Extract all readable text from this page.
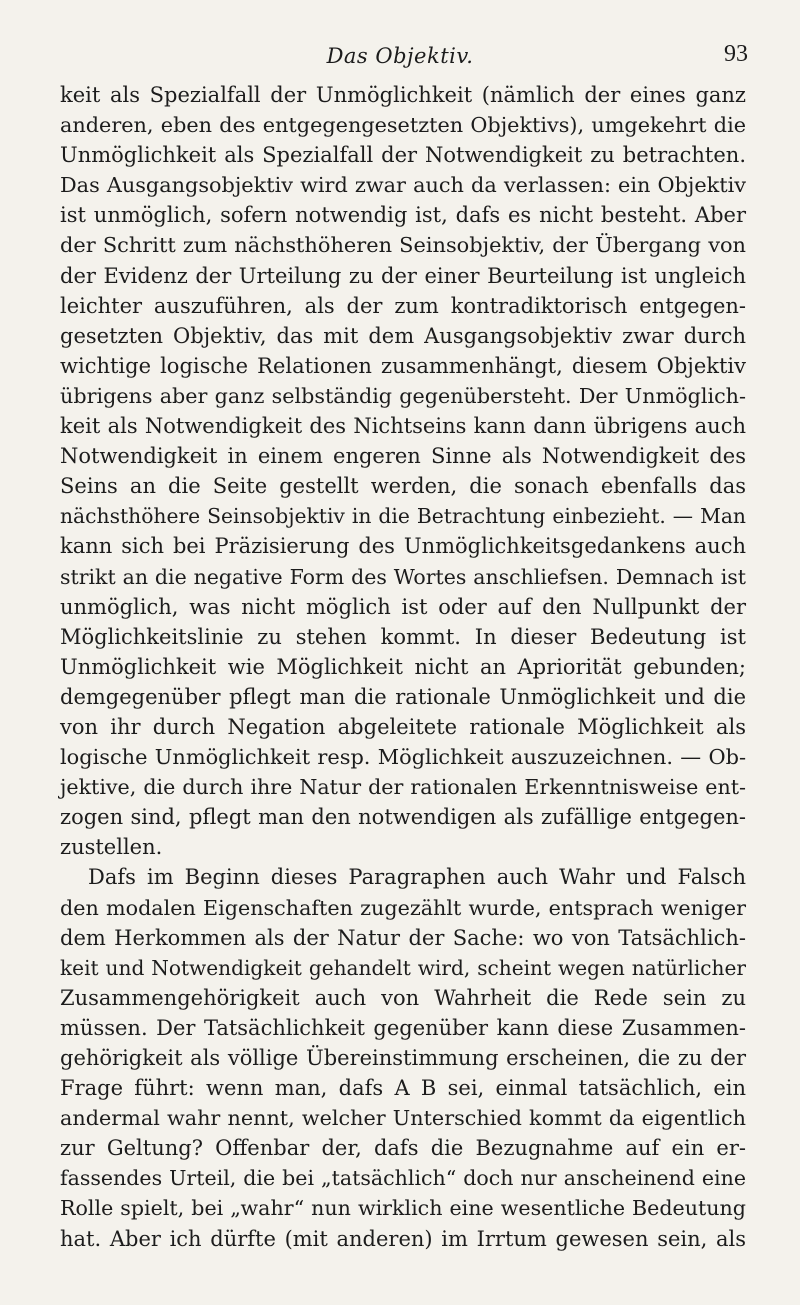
Das Objektiv.	93
keit als Spezialfall der Unmöglichkeit (nämlich der eines ganz
anderen, eben des entgegengesetzten Objektivs), umgekehrt die
Unmöglichkeit als Spezialfall der Notwendigkeit zu betrachten.
Das Ausgangsobjektiv wird zwar auch da verlassen: ein Objektiv
ist unmöglich, sofern notwendig ist, dafs es nicht besteht. Aber
der Schritt zum nächsthöheren Seinsobjektiv, der Übergang von
der Evidenz der Urteilung zu der einer Beurteilung ist ungleich
leichter auszuführen, als der zum kontradiktorisch entgegen-
gesetzten Objektiv, das mit dem Ausgangsobjektiv zwar durch
wichtige logische Relationen zusammenhängt, diesem Objektiv
übrigens aber ganz selbständig gegenübersteht. Der Unmöglich-
keit als Notwendigkeit des Nichtseins kann dann übrigens auch
Notwendigkeit in einem engeren Sinne als Notwendigkeit des
Seins an die Seite gestellt werden, die sonach ebenfalls das
nächsthöhere Seinsobjektiv in die Betrachtung einbezieht. — Man
kann sich bei Präzisierung des Unmöglichkeitsgedankens auch
strikt an die negative Form des Wortes anschliefsen. Demnach ist
unmöglich, was nicht möglich ist oder auf den Nullpunkt der
Möglichkeitslinie zu stehen kommt. In dieser Bedeutung ist
Unmöglichkeit wie Möglichkeit nicht an Apriorität gebunden;
demgegenüber pflegt man die rationale Unmöglichkeit und die
von ihr durch Negation abgeleitete rationale Möglichkeit als
logische Unmöglichkeit resp. Möglichkeit auszuzeichnen. — Ob-
jektive, die durch ihre Natur der rationalen Erkenntnisweise ent-
zogen sind, pflegt man den notwendigen als zufällige entgegen-
zustellen.
Dafs im Beginn dieses Paragraphen auch Wahr und Falsch
den modalen Eigenschaften zugezählt wurde, entsprach weniger
dem Herkommen als der Natur der Sache: wo von Tatsächlich-
keit und Notwendigkeit gehandelt wird, scheint wegen natürlicher
Zusammengehörigkeit auch von Wahrheit die Rede sein zu
müssen. Der Tatsächlichkeit gegenüber kann diese Zusammen-
gehörigkeit als völlige Übereinstimmung erscheinen, die zu der
Frage führt: wenn man, dafs A B sei, einmal tatsächlich, ein
andermal wahr nennt, welcher Unterschied kommt da eigentlich
zur Geltung? Offenbar der, dafs die Bezugnahme auf ein er-
fassendes Urteil, die bei „tatsächlich“ doch nur anscheinend eine
Rolle spielt, bei „wahr“ nun wirklich eine wesentliche Bedeutung
hat. Aber ich dürfte (mit anderen) im Irrtum gewesen sein, als
